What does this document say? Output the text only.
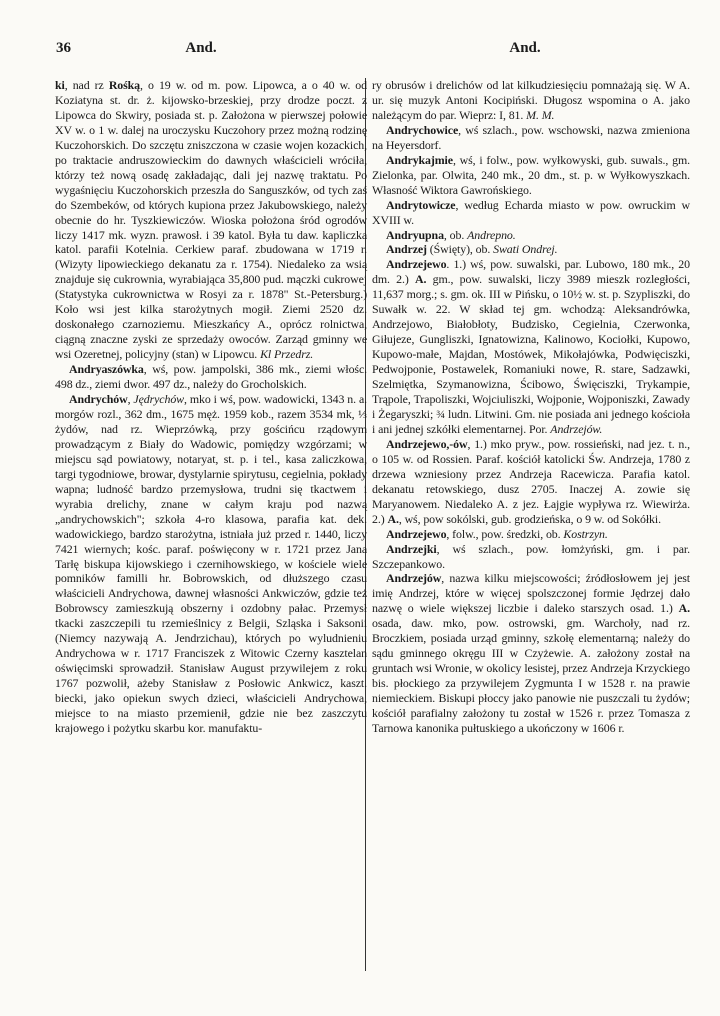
36	And.	And.

ki, nad rz Rośką, o 19 w. od m. pow. Lipowca, a o 40 w. od Koziatyna st. dr. ż. kijowsko-brzeskiej, przy drodze poczt. z Lipowca do Skwiry, posiada st. p. Założona w pierwszej połowie XV w. o 1 w. dalej na uroczysku Kuczohory przez możną rodzinę Kuczohorskich. Do szczętu zniszczona w czasie wojen kozackich, po traktacie andruszowieckim do dawnych właścicieli wróciła, którzy też nową osadę zakładając, dali jej nazwę traktatu. Po wygaśnięciu Kuczohorskich przeszła do Sanguszków, od tych zaś do Szembeków, od których kupiona przez Jakubowskiego, należy obecnie do hr. Tyszkiewiczów. Wioska położona śród ogrodów liczy 1417 mk. wyzn. prawosł. i 39 katol. Była tu daw. kapliczka katol. parafii Kotelnia. Cerkiew paraf. zbudowana w 1719 r. (Wizyty lipowieckiego dekanatu za r. 1754). Niedaleko za wsią znajduje się cukrownia, wyrabiająca 35,800 pud. mączki cukrowej (Statystyka cukrownictwa w Rosyi za r. 1878" St.-Petersburg.) Koło wsi jest kilka starożytnych mogił. Ziemi 2520 dz. doskonałego czarnoziemu. Mieszkańcy A., oprócz rolnictwa, ciągną znaczne zyski ze sprzedaży owoców. Zarząd gminny we wsi Ozeretnej, policyjny (stan) w Lipowcu. Kl Przedrz.

Andryaszówka, wś, pow. jampolski, 386 mk., ziemi włośc. 498 dz., ziemi dwor. 497 dz., należy do Grocholskich.

Andrychów, Jędrychów, mko i wś, pow. wadowicki, 1343 n. a. morgów rozl., 362 dm., 1675 męż. 1959 kob., razem 3534 mk, ⅓ żydów, nad rz. Wieprzówką, przy gościńcu rządowym prowadzącym z Biały do Wadowic, pomiędzy wzgórzami; w miejscu sąd powiatowy, notaryat, st. p. i tel., kasa zaliczkowa, targi tygodniowe, browar, dystylarnie spirytusu, cegielnia, pokłady wapna; ludność bardzo przemysłowa, trudni się tkactwem i wyrabia drelichy, znane w całym kraju pod nazwą „andrychowskich"; szkoła 4-ro klasowa, parafia kat. dek. wadowickiego, bardzo starożytna, istniała już przed r. 1440, liczy 7421 wiernych; kośc. paraf. poświęcony w r. 1721 przez Jana Tarłę biskupa kijowskiego i czernihowskiego, w kościele wiele pomników familli hr. Bobrowskich, od dłuższego czasu właścicieli Andrychowa, dawnej własności Ankwiczów, gdzie też Bobrowscy zamieszkują obszerny i ozdobny pałac. Przemysł tkacki zaszczepili tu rzemieślnicy z Belgii, Szląska i Saksonii (Niemcy nazywają A. Jendrzichau), których po wyludnieniu Andrychowa w r. 1717 Franciszek z Witowic Czerny kasztelan oświęcimski sprowadził. Stanisław August przywilejem z roku 1767 pozwolił, ażeby Stanisław z Posłowic Ankwicz, kaszt. biecki, jako opiekun swych dzieci, właścicieli Andrychowa, miejsce to na miasto przemienił, gdzie nie bez zaszczytu krajowego i pożytku skarbu kor. manufaktu-

ry obrusów i drelichów od lat kilkudziesięciu pomnażają się. W A. ur. się muzyk Antoni Kocipiński. Długosz wspomina o A. jako należącym do par. Wieprz: I, 81. M. M.

Andrychowice, wś szlach., pow. wschowski, nazwa zmieniona na Heyersdorf.

Andrykajmie, wś, i folw., pow. wyłkowyski, gub. suwals., gm. Zielonka, par. Olwita, 240 mk., 20 dm., st. p. w Wyłkowyszkach. Własność Wiktora Gawrońskiego.

Andrytowicze, według Echarda miasto w pow. owruckim w XVIII w.

Andryupna, ob. Andrepno.

Andrzej (Święty), ob. Swati Ondrej.

Andrzejewo. 1.) wś, pow. suwalski, par. Lubowo, 180 mk., 20 dm. 2.) A. gm., pow. suwalski, liczy 3989 mieszk rozległości, 11,637 morg.; s. gm. ok. III w Pińsku, o 10½ w. st. p. Szypliszki, do Suwałk w. 22. W skład tej gm. wchodzą: Aleksandrówka, Andrzejowo, Białobłoty, Budzisko, Cegielnia, Czerwonka, Giłujeze, Gungliszki, Ignatowizna, Kalinowo, Kociołki, Kupowo, Kupowo-małe, Majdan, Mostówek, Mikołajówka, Podwięciszki, Pedwojponie, Postawelek, Romaniuki nowe, R. stare, Sadzawki, Szelmiętka, Szymanowizna, Ścibowo, Święciszki, Trykampie, Trąpole, Trapoliszki, Wojciuliszki, Wojponie, Wojponiszki, Zawady i Żegaryszki; ¾ ludn. Litwini. Gm. nie posiada ani jednego kościoła i ani jednej szkółki elementarnej. Por. Andrzejów.

Andrzejewo,-ów, 1.) mko pryw., pow. rossieński, nad jez. t. n., o 105 w. od Rossien. Paraf. kościół katolicki Św. Andrzeja, 1780 z drzewa wzniesiony przez Andrzeja Racewicza. Parafia katol. dekanatu retowskiego, dusz 2705. Inaczej A. zowie się Maryanowem. Niedaleko A. z jez. Łajgie wypływa rz. Wiewirża. 2.) A., wś, pow sokólski, gub. grodzieńska, o 9 w. od Sokółki.

Andrzejewo, folw., pow. średzki, ob. Kostrzyn.

Andrzejki, wś szlach., pow. łomżyński, gm. i par. Szczepankowo.

Andrzejów, nazwa kilku miejscowości; źródłosłowem jej jest imię Andrzej, które w więcej spolszczonej formie Jędrzej dało nazwę o wiele większej liczbie i daleko starszych osad. 1.) A. osada, daw. mko, pow. ostrowski, gm. Warchoły, nad rz. Broczkiem, posiada urząd gminny, szkołę elementarną; należy do sądu gminnego okręgu III w Czyżewie. A. założony został na gruntach wsi Wronie, w okolicy lesistej, przez Andrzeja Krzyckiego bis. płockiego za przywilejem Zygmunta I w 1528 r. na prawie niemieckiem. Biskupi płoccy jako panowie nie puszczali tu żydów; kościół parafialny założony tu został w 1526 r. przez Tomasza z Tarnowa kanonika pułtuskiego a ukończony w 1606 r.
